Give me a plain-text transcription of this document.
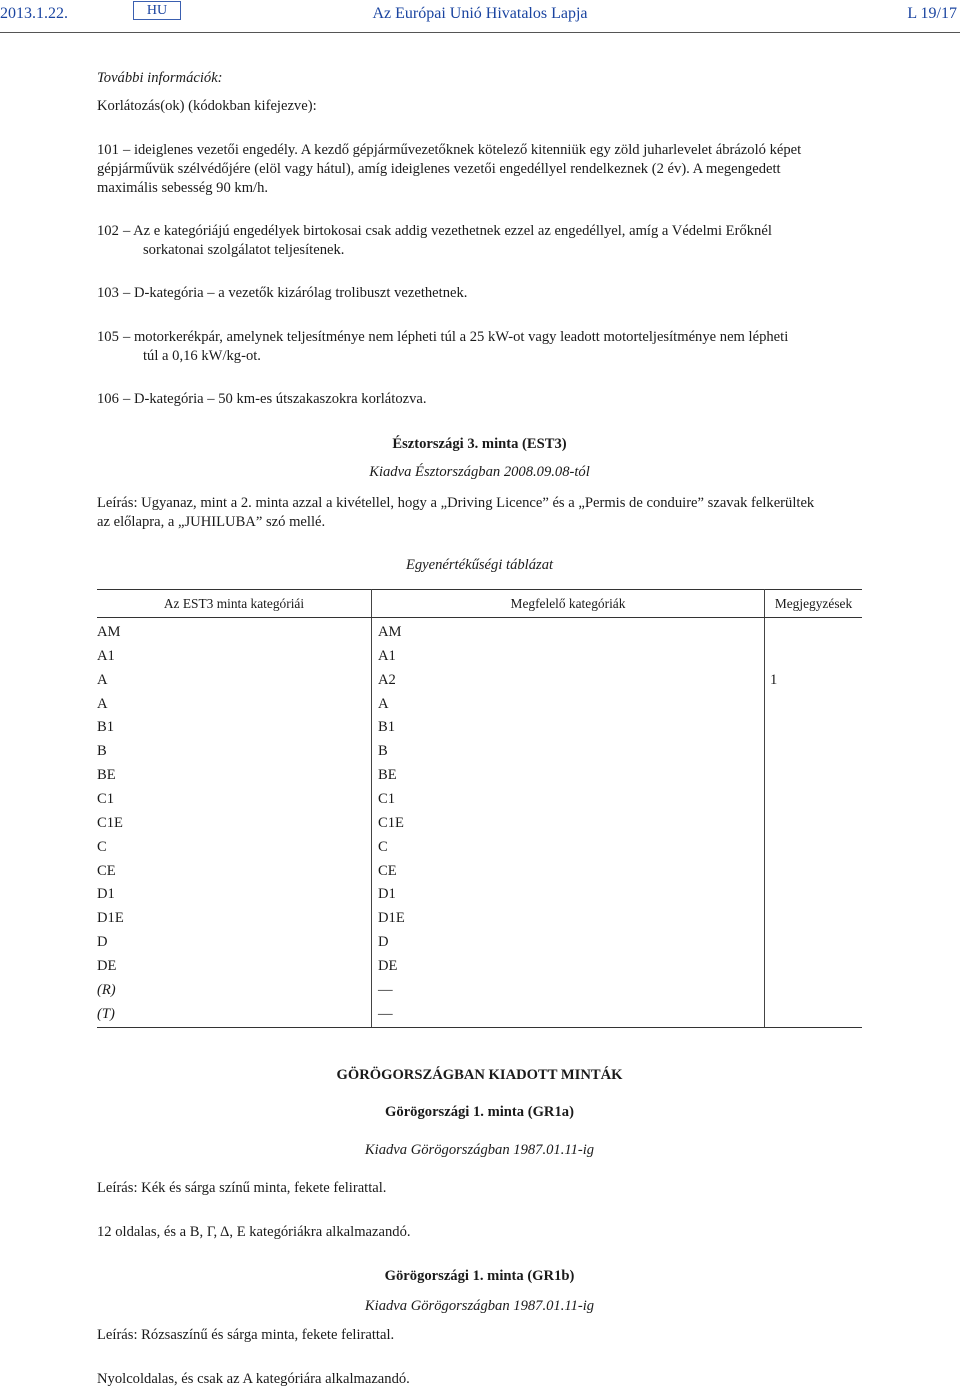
2013.1.22.	HU	Az Európai Unió Hivatalos Lapja	L 19/17
További információk:
Korlátozás(ok) (kódokban kifejezve):
101 – ideiglenes vezetői engedély. A kezdő gépjárművezetőknek kötelező kitenniük egy zöld juharlevelet ábrázoló képet
gépjárművük szélvédőjére (elöl vagy hátul), amíg ideiglenes vezetői engedéllyel rendelkeznek (2 év). A megengedett
maximális sebesség 90 km/h.
102 – Az e kategóriájú engedélyek birtokosai csak addig vezethetnek ezzel az engedéllyel, amíg a Védelmi Erőknél
sorkatonai szolgálatot teljesítenek.
103 – D-kategória – a vezetők kizárólag trolibuszt vezethetnek.
105 – motorkerékpár, amelynek teljesítménye nem lépheti túl a 25 kW-ot vagy leadott motorteljesítménye nem lépheti
túl a 0,16 kW/kg-ot.
106 – D-kategória – 50 km-es útszakaszokra korlátozva.
Észtországi 3. minta (EST3)
Kiadva Észtországban 2008.09.08-tól
Leírás: Ugyanaz, mint a 2. minta azzal a kivétellel, hogy a „Driving Licence” és a „Permis de conduire” szavak felkerültek
az előlapra, a „JUHILUBA” szó mellé.
Egyenértékűségi táblázat
Az EST3 minta kategóriái	Megfelelő kategóriák	Megjegyzések
AM	AM
A1	A1
A	A2	1
A	A
B1	B1
B	B
BE	BE
C1	C1
C1E	C1E
C	C
CE	CE
D1	D1
D1E	D1E
D	D
DE	DE
(R)	—
(T)	—
GÖRÖGORSZÁGBAN KIADOTT MINTÁK
Görögországi 1. minta (GR1a)
Kiadva Görögországban 1987.01.11-ig
Leírás: Kék és sárga színű minta, fekete felirattal.
12 oldalas, és a Β, Γ, Δ, Ε kategóriákra alkalmazandó.
Görögországi 1. minta (GR1b)
Kiadva Görögországban 1987.01.11-ig
Leírás: Rózsaszínű és sárga minta, fekete felirattal.
Nyolcoldalas, és csak az A kategóriára alkalmazandó.
